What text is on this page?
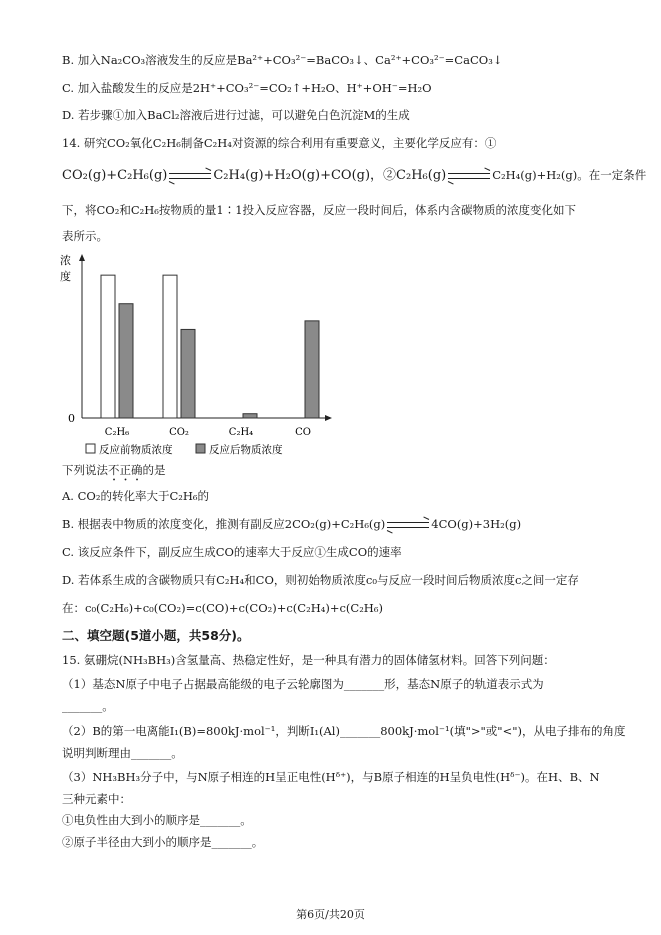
B. 加入Na₂CO₃溶液发生的反应是Ba²⁺+CO₃²⁻=BaCO₃↓、Ca²⁺+CO₃²⁻=CaCO₃↓
C. 加入盐酸发生的反应是2H⁺+CO₃²⁻=CO₂↑+H₂O、H⁺+OH⁻=H₂O
D. 若步骤①加入BaCl₂溶液后进行过滤，可以避免白色沉淀M的生成
14. 研究CO₂氧化C₂H₆制备C₂H₄对资源的综合利用有重要意义，主要化学反应有：①
CO₂(g)+C₂H₆(g)	C₂H₄(g)+H₂O(g)+CO(g)，②C₂H₆(g)	C₂H₄(g)+H₂(g)。在一定条件
下，将CO₂和C₂H₆按物质的量1∶1投入反应容器，反应一段时间后，体系内含碳物质的浓度变化如下
表所示。
浓
度
0
C₂H₆	CO₂	C₂H₄	CO
反应前物质浓度	反应后物质浓度
下列说法不正确的是
A. CO₂的转化率大于C₂H₆的
B. 根据表中物质的浓度变化，推测有副反应2CO₂(g)+C₂H₆(g)	4CO(g)+3H₂(g)
C. 该反应条件下，副反应生成CO的速率大于反应①生成CO的速率
D. 若体系生成的含碳物质只有C₂H₄和CO，则初始物质浓度c₀与反应一段时间后物质浓度c之间一定存
在：c₀(C₂H₆)+c₀(CO₂)=c(CO)+c(CO₂)+c(C₂H₄)+c(C₂H₆)
二、填空题(5道小题，共58分)。
15. 氨硼烷(NH₃BH₃)含氢量高、热稳定性好，是一种具有潜力的固体储氢材料。回答下列问题：
（1）基态N原子中电子占据最高能级的电子云轮廓图为_______形，基态N原子的轨道表示式为
_______。
（2）B的第一电离能I₁(B)=800kJ·mol⁻¹，判断I₁(Al)_______800kJ·mol⁻¹(填">"或"<")，从电子排布的角度
说明判断理由_______。
（3）NH₃BH₃分子中，与N原子相连的H呈正电性(Hᵟ⁺)，与B原子相连的H呈负电性(Hᵟ⁻)。在H、B、N
三种元素中：
①电负性由大到小的顺序是_______。
②原子半径由大到小的顺序是_______。
第6页/共20页
